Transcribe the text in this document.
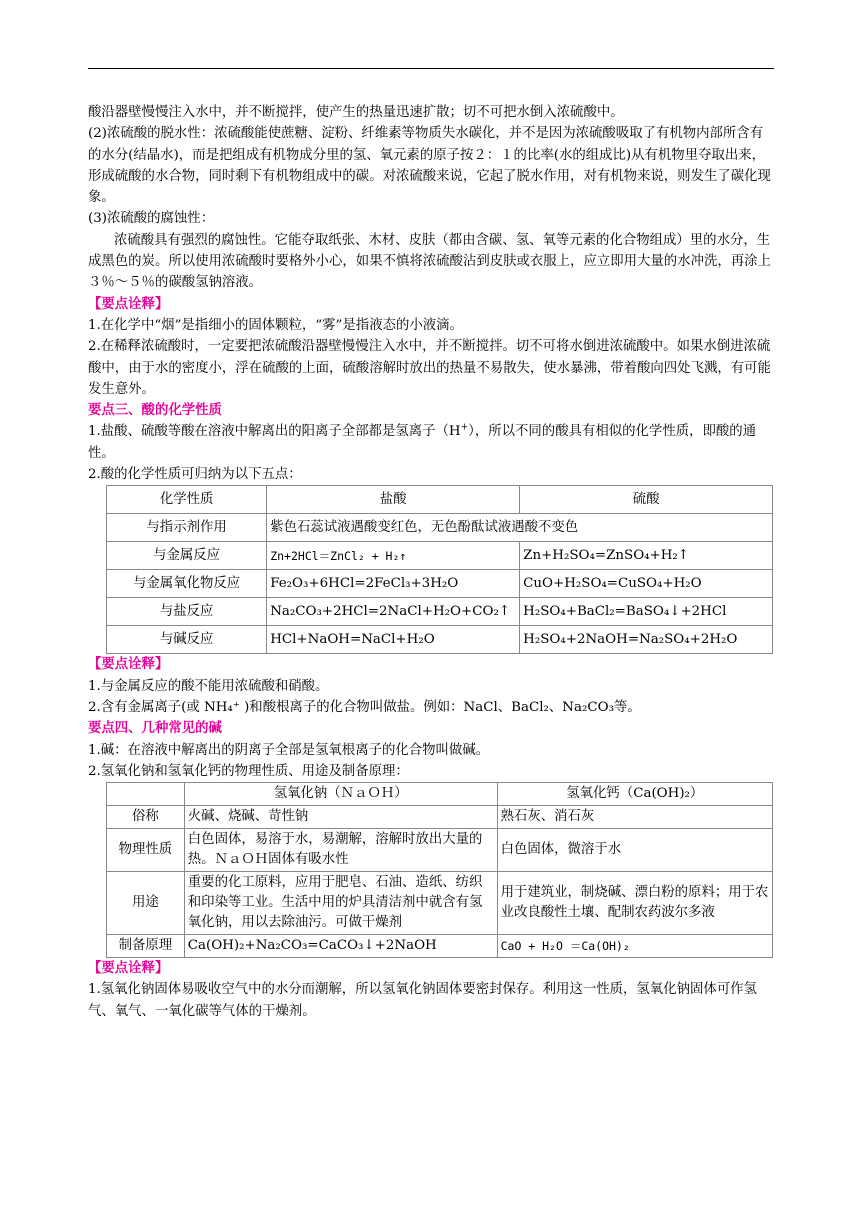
酸沿器壁慢慢注入水中，并不断搅拌，使产生的热量迅速扩散；切不可把水倒入浓硫酸中。

(2)浓硫酸的脱水性：浓硫酸能使蔗糖、淀粉、纤维素等物质失水碳化，并不是因为浓硫酸吸取了有机物内部所含有的水分(结晶水)，而是把组成有机物成分里的氢、氧元素的原子按２：１的比率(水的组成比)从有机物里夺取出来，形成硫酸的水合物，同时剩下有机物组成中的碳。对浓硫酸来说，它起了脱水作用，对有机物来说，则发生了碳化现象。

(3)浓硫酸的腐蚀性：

浓硫酸具有强烈的腐蚀性。它能夺取纸张、木材、皮肤（都由含碳、氢、氧等元素的化合物组成）里的水分，生成黑色的炭。所以使用浓硫酸时要格外小心，如果不慎将浓硫酸沾到皮肤或衣服上，应立即用大量的水冲洗，再涂上３％～５％的碳酸氢钠溶液。

【要点诠释】

1.在化学中“烟”是指细小的固体颗粒，“雾”是指液态的小液滴。

2.在稀释浓硫酸时，一定要把浓硫酸沿器壁慢慢注入水中，并不断搅拌。切不可将水倒进浓硫酸中。如果水倒进浓硫酸中，由于水的密度小，浮在硫酸的上面，硫酸溶解时放出的热量不易散失，使水暴沸，带着酸向四处飞溅，有可能发生意外。

要点三、酸的化学性质

1.盐酸、硫酸等酸在溶液中解离出的阳离子全部都是氢离子（H+），所以不同的酸具有相似的化学性质，即酸的通性。

2.酸的化学性质可归纳为以下五点：

化学性质	盐酸	硫酸
与指示剂作用	紫色石蕊试液遇酸变红色，无色酚酞试液遇酸不变色	
与金属反应	Zn+2HCl＝ZnCl₂ + H₂↑	Zn+H₂SO₄=ZnSO₄+H₂↑
与金属氧化物反应	Fe₂O₃+6HCl=2FeCl₃+3H₂O	CuO+H₂SO₄=CuSO₄+H₂O
与盐反应	Na₂CO₃+2HCl=2NaCl+H₂O+CO₂↑	H₂SO₄+BaCl₂=BaSO₄↓+2HCl
与碱反应	HCl+NaOH=NaCl+H₂O	H₂SO₄+2NaOH=Na₂SO₄+2H₂O

【要点诠释】

1.与金属反应的酸不能用浓硫酸和硝酸。

2.含有金属离子(或 NH₄⁺ )和酸根离子的化合物叫做盐。例如：NaCl、BaCl₂、Na₂CO₃等。

要点四、几种常见的碱

1.碱：在溶液中解离出的阴离子全部是氢氧根离子的化合物叫做碱。

2.氢氧化钠和氢氧化钙的物理性质、用途及制备原理：

	氢氧化钠（ＮａＯＨ）	氢氧化钙（Ca(OH)₂）
俗称	火碱、烧碱、苛性钠	熟石灰、消石灰
物理性质	白色固体，易溶于水，易潮解，溶解时放出大量的热。ＮａＯＨ固体有吸水性	白色固体，微溶于水
用途	重要的化工原料，应用于肥皂、石油、造纸、纺织和印染等工业。生活中用的炉具清洁剂中就含有氢氧化钠，用以去除油污。可做干燥剂	用于建筑业，制烧碱、漂白粉的原料；用于农业改良酸性土壤、配制农药波尔多液
制备原理	Ca(OH)₂+Na₂CO₃=CaCO₃↓+2NaOH	CaO + H₂O ＝Ca(OH)₂

【要点诠释】

1.氢氧化钠固体易吸收空气中的水分而潮解，所以氢氧化钠固体要密封保存。利用这一性质，氢氧化钠固体可作氢气、氧气、一氧化碳等气体的干燥剂。
